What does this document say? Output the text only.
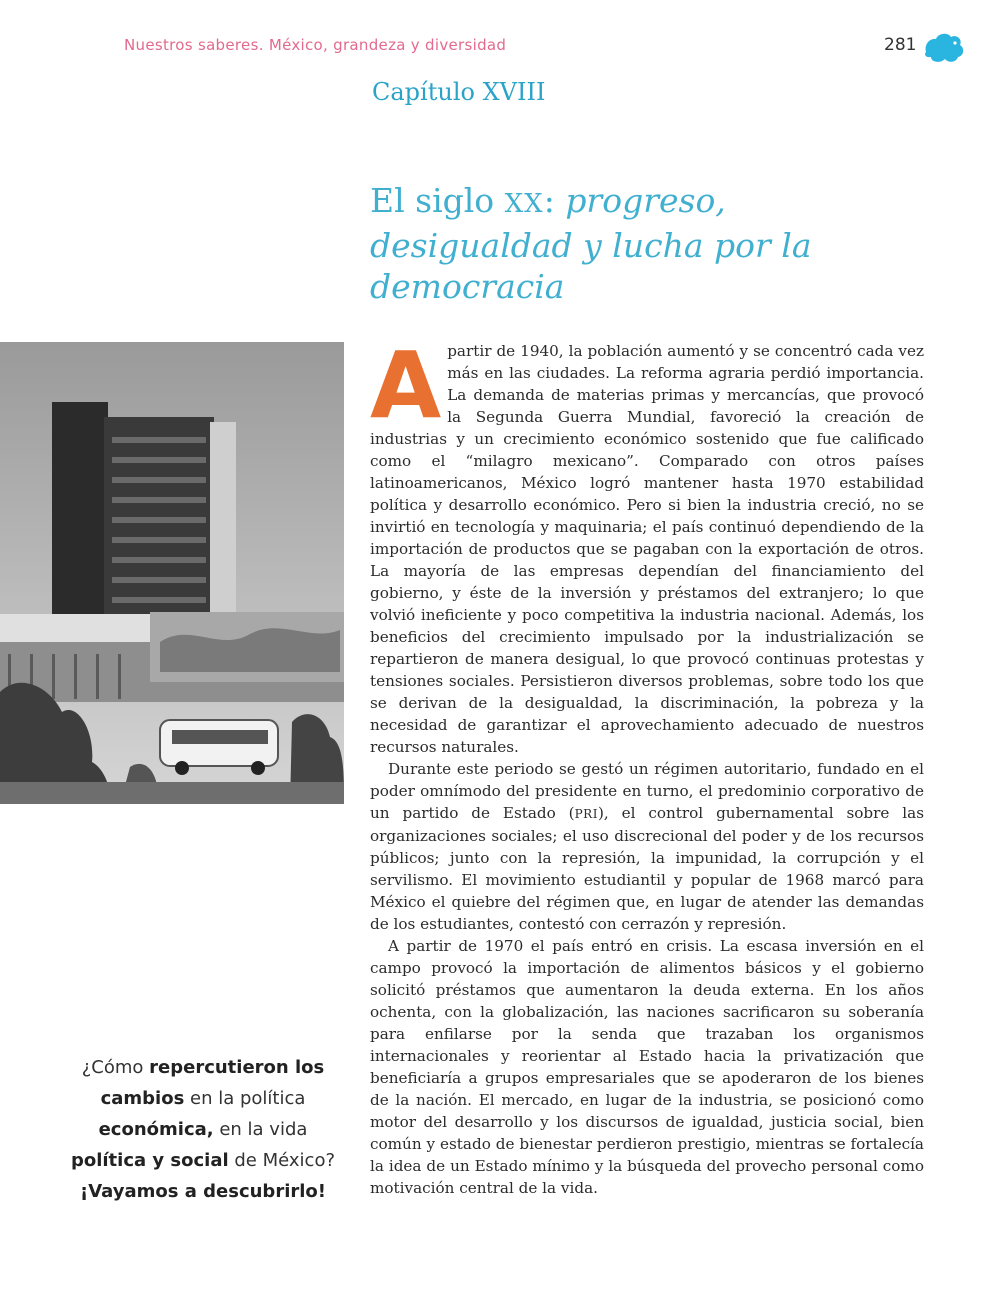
Nuestros saberes. México, grandeza y diversidad	281
Capítulo XVIII
El siglo XX: progreso, desigualdad y lucha por la democracia
¿Cómo repercutieron los cambios en la política económica, en la vida política y social de México? ¡Vayamos a descubrirlo!

Apartir de 1940, la población aumentó y se concentró cada vez más en las ciudades. La reforma agraria perdió importancia. La demanda de materias primas y mercancías, que provocó la Segunda Guerra Mundial, favoreció la creación de industrias y un crecimiento económico sostenido que fue calificado como el “milagro mexicano”. Comparado con otros países latinoamericanos, México logró mantener hasta 1970 estabilidad política y desarrollo económico. Pero si bien la industria creció, no se invirtió en tecnología y maquinaria; el país continuó dependiendo de la importación de productos que se pagaban con la exportación de otros. La mayoría de las empresas dependían del financiamiento del gobierno, y éste de la inversión y préstamos del extranjero; lo que volvió ineficiente y poco competitiva la industria nacional. Además, los beneficios del crecimiento impulsado por la industrialización se repartieron de manera desigual, lo que provocó continuas protestas y tensiones sociales. Persistieron diversos problemas, sobre todo los que se derivan de la desigualdad, la discriminación, la pobreza y la necesidad de garantizar el aprovechamiento adecuado de nuestros recursos naturales.

Durante este periodo se gestó un régimen autoritario, fundado en el poder omnímodo del presidente en turno, el predominio corporativo de un partido de Estado (PRI), el control gubernamental sobre las organizaciones sociales; el uso discrecional del poder y de los recursos públicos; junto con la represión, la impunidad, la corrupción y el servilismo. El movimiento estudiantil y popular de 1968 marcó para México el quiebre del régimen que, en lugar de atender las demandas de los estudiantes, contestó con cerrazón y represión.

A partir de 1970 el país entró en crisis. La escasa inversión en el campo provocó la importación de alimentos básicos y el gobierno solicitó préstamos que aumentaron la deuda externa. En los años ochenta, con la globalización, las naciones sacrificaron su soberanía para enfilarse por la senda que trazaban los organismos internacionales y reorientar al Estado hacia la privatización que beneficiaría a grupos empresariales que se apoderaron de los bienes de la nación. El mercado, en lugar de la industria, se posicionó como motor del desarrollo y los discursos de igualdad, justicia social, bien común y estado de bienestar perdieron prestigio, mientras se fortalecía la idea de un Estado mínimo y la búsqueda del provecho personal como motivación central de la vida.
